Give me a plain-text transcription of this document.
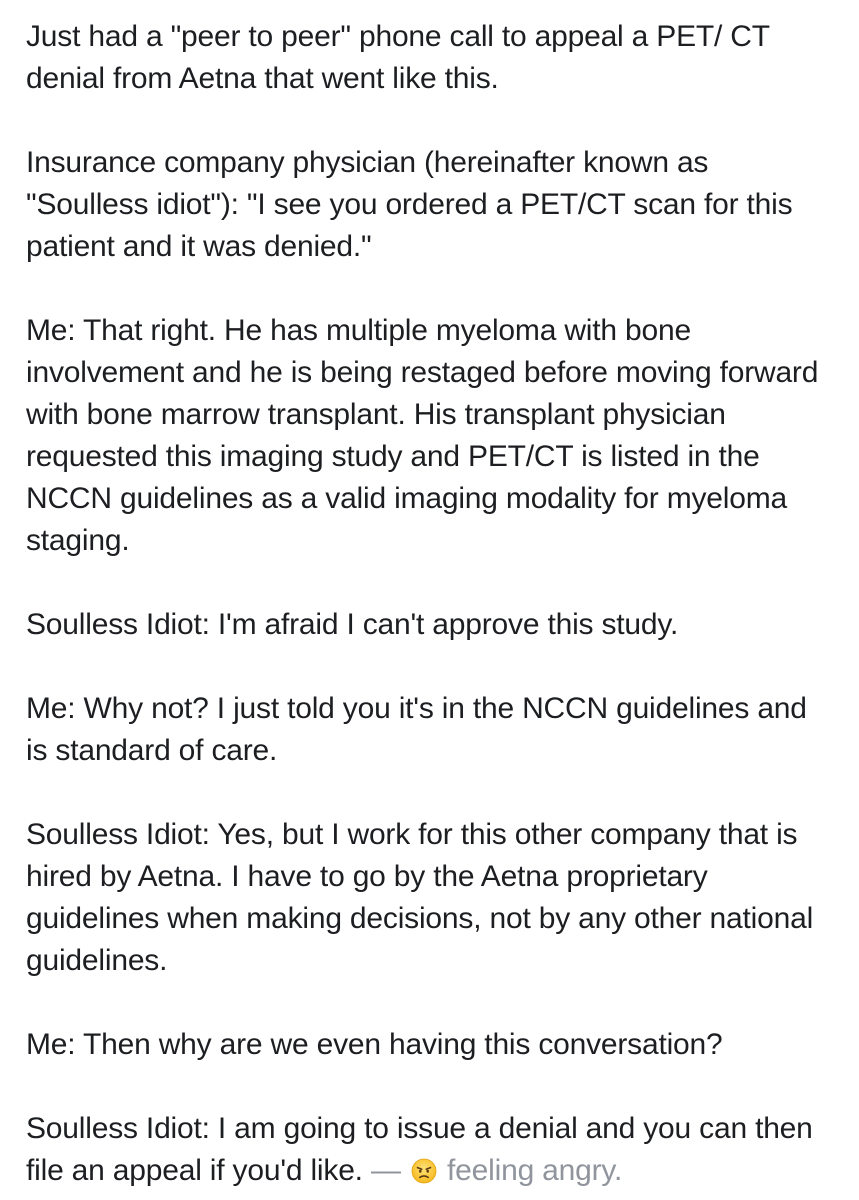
Just had a "peer to peer" phone call to appeal a PET/ CT denial from Aetna that went like this.

Insurance company physician (hereinafter known as "Soulless idiot"): "I see you ordered a PET/CT scan for this patient and it was denied."

Me: That right. He has multiple myeloma with bone involvement and he is being restaged before moving forward with bone marrow transplant. His transplant physician requested this imaging study and PET/CT is listed in the NCCN guidelines as a valid imaging modality for myeloma staging.

Soulless Idiot: I'm afraid I can't approve this study.

Me: Why not? I just told you it's in the NCCN guidelines and is standard of care.

Soulless Idiot: Yes, but I work for this other company that is hired by Aetna. I have to go by the Aetna proprietary guidelines when making decisions, not by any other national guidelines.

Me: Then why are we even having this conversation?

Soulless Idiot: I am going to issue a denial and you can then file an appeal if you'd like. — feeling angry.
